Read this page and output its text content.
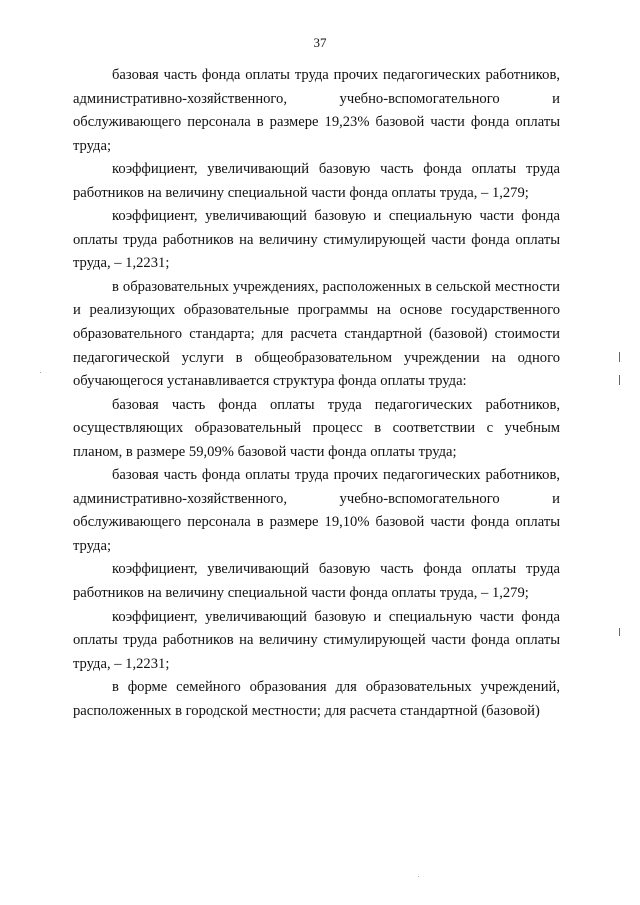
37

базовая часть фонда оплаты труда прочих педагогических работников, административно-хозяйственного, учебно-вспомогательного и обслуживающего персонала в размере 19,23% базовой части фонда оплаты труда;

коэффициент, увеличивающий базовую часть фонда оплаты труда работников на величину специальной части фонда оплаты труда, – 1,279;

коэффициент, увеличивающий базовую и специальную части фонда оплаты труда работников на величину стимулирующей части фонда оплаты труда, – 1,2231;

в образовательных учреждениях, расположенных в сельской местности и реализующих образовательные программы на основе государственного образовательного стандарта; для расчета стандартной (базовой) стоимости педагогической услуги в общеобразовательном учреждении на одного обучающегося устанавливается структура фонда оплаты труда:

базовая часть фонда оплаты труда педагогических работников, осуществляющих образовательный процесс в соответствии с учебным планом, в размере 59,09% базовой части фонда оплаты труда;

базовая часть фонда оплаты труда прочих педагогических работников, административно-хозяйственного, учебно-вспомогательного и обслуживающего персонала в размере 19,10% базовой части фонда оплаты труда;

коэффициент, увеличивающий базовую часть фонда оплаты труда работников на величину специальной части фонда оплаты труда, – 1,279;

коэффициент, увеличивающий базовую и специальную части фонда оплаты труда работников на величину стимулирующей части фонда оплаты труда, – 1,2231;

в форме семейного образования для образовательных учреждений, расположенных в городской местности; для расчета стандартной (базовой)
